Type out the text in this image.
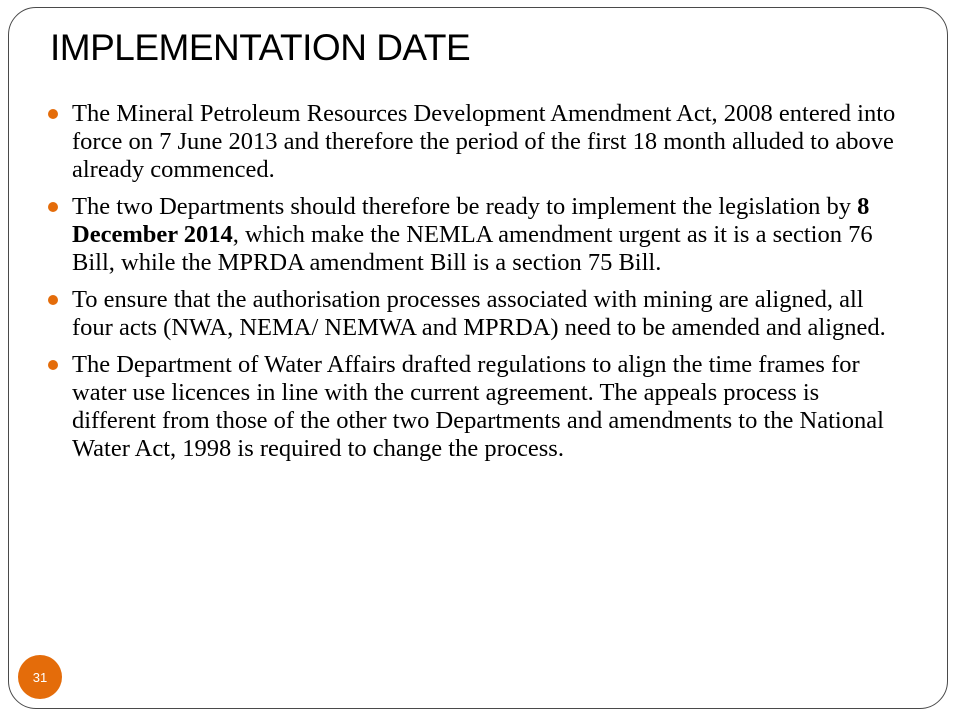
IMPLEMENTATION DATE
The Mineral Petroleum Resources Development Amendment Act, 2008 entered into force on 7 June 2013 and therefore the period of the first 18 month alluded to above already commenced.
The two Departments should therefore be ready to implement the legislation by 8 December 2014, which make the NEMLA amendment urgent as it is a section 76 Bill, while the MPRDA amendment Bill is a section 75 Bill.
To ensure that the authorisation processes associated with mining are aligned, all four acts (NWA, NEMA/ NEMWA and MPRDA) need to be amended and aligned.
The Department of Water Affairs drafted regulations to align the time frames for water use licences in line with the current agreement. The appeals process is different from those of the other two Departments and amendments to the National Water Act, 1998 is required to change the process.
31
